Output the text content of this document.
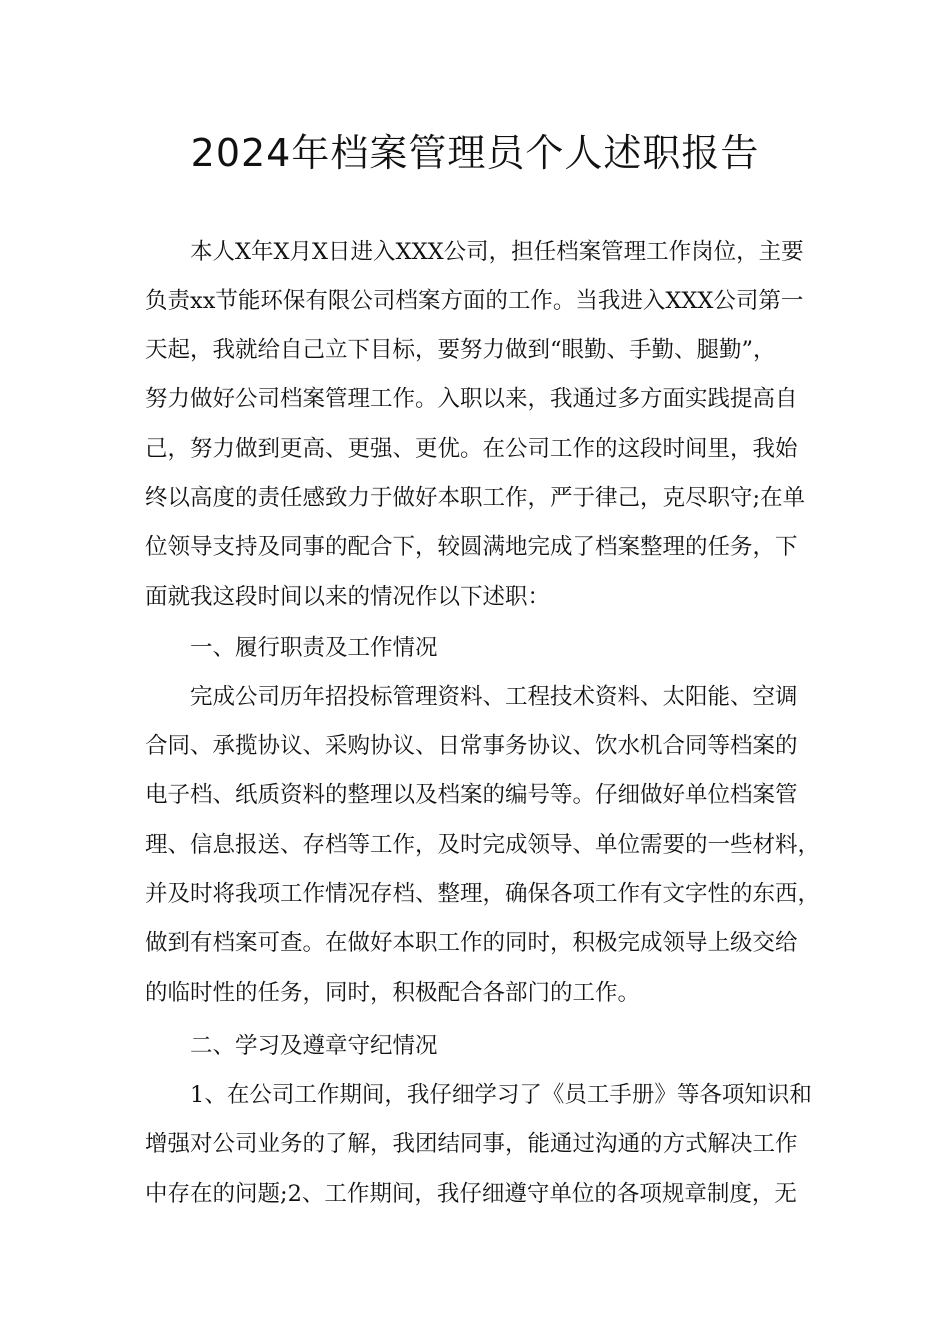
2024年档案管理员个人述职报告
本人X年X月X日进入XXX公司，担任档案管理工作岗位，主要
负责xx节能环保有限公司档案方面的工作。当我进入XXX公司第一
天起，我就给自己立下目标，要努力做到“眼勤、手勤、腿勤”，
努力做好公司档案管理工作。入职以来，我通过多方面实践提高自
己，努力做到更高、更强、更优。在公司工作的这段时间里，我始
终以高度的责任感致力于做好本职工作，严于律己，克尽职守;在单
位领导支持及同事的配合下，较圆满地完成了档案整理的任务，下
面就我这段时间以来的情况作以下述职：
一、履行职责及工作情况
完成公司历年招投标管理资料、工程技术资料、太阳能、空调
合同、承揽协议、采购协议、日常事务协议、饮水机合同等档案的
电子档、纸质资料的整理以及档案的编号等。仔细做好单位档案管
理、信息报送、存档等工作，及时完成领导、单位需要的一些材料，
并及时将我项工作情况存档、整理，确保各项工作有文字性的东西，
做到有档案可查。在做好本职工作的同时，积极完成领导上级交给
的临时性的任务，同时，积极配合各部门的工作。
二、学习及遵章守纪情况
1、在公司工作期间，我仔细学习了《员工手册》等各项知识和
增强对公司业务的了解，我团结同事，能通过沟通的方式解决工作
中存在的问题;2、工作期间，我仔细遵守单位的各项规章制度，无
